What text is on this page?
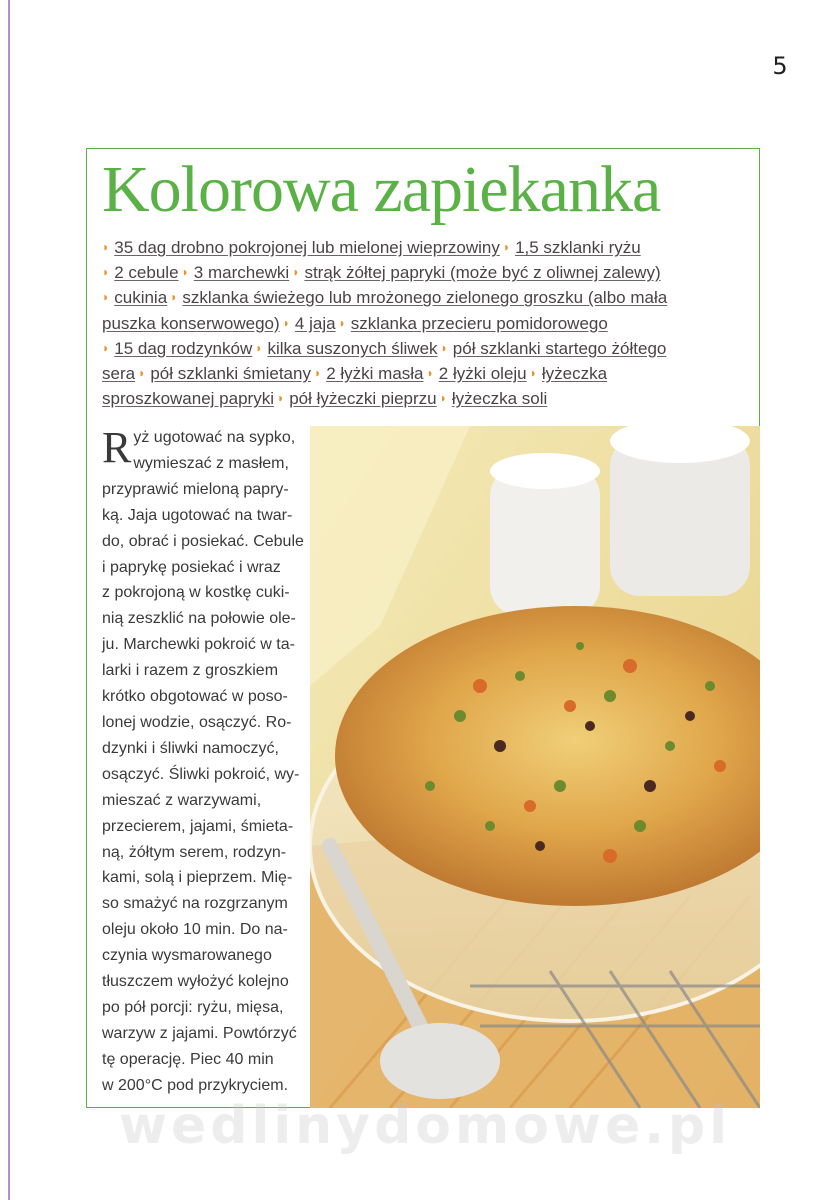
5
Kolorowa zapiekanka
◗ 35 dag drobno pokrojonej lub mielonej wieprzowiny ◗ 1,5 szklanki ryżu
◗ 2 cebule ◗ 3 marchewki ◗ strąk żółtej papryki (może być z oliwnej zalewy)
◗ cukinia ◗ szklanka świeżego lub mrożonego zielonego groszku (albo mała
puszka konserwowego) ◗ 4 jaja ◗ szklanka przecieru pomidorowego
◗ 15 dag rodzynków ◗ kilka suszonych śliwek ◗ pół szklanki startego żółtego
sera ◗ pół szklanki śmietany ◗ 2 łyżki masła ◗ 2 łyżki oleju ◗ łyżeczka
sproszkowanej papryki ◗ pół łyżeczki pieprzu ◗ łyżeczka soli
R yż ugotować na sypko,
wymieszać z masłem,
przyprawić mieloną papry-
ką. Jaja ugotować na twar-
do, obrać i posiekać. Cebule
i paprykę posiekać i wraz
z pokrojoną w kostkę cuki-
nią zeszklić na połowie ole-
ju. Marchewki pokroić w ta-
larki i razem z groszkiem
krótko obgotować w poso-
lonej wodzie, osączyć. Ro-
dzynki i śliwki namoczyć,
osączyć. Śliwki pokroić, wy-
mieszać z warzywami,
przecierem, jajami, śmieta-
ną, żółtym serem, rodzyn-
kami, solą i pieprzem. Mię-
so smażyć na rozgrzanym
oleju około 10 min. Do na-
czynia wysmarowanego
tłuszczem wyłożyć kolejno
po pół porcji: ryżu, mięsa,
warzyw z jajami. Powtórzyć
tę operację. Piec 40 min
w 200°C pod przykryciem.
wedlinydomowe.pl
